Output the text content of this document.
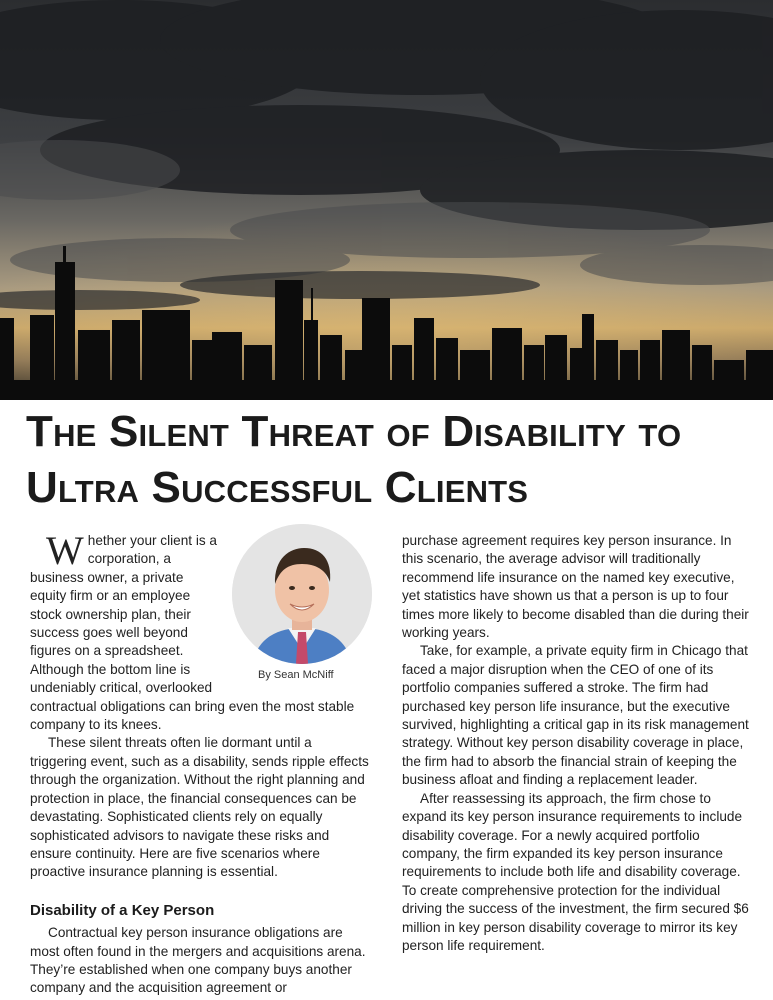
The Silent Threat of Disability to
Ultra Successful Clients
By Sean McNiff

Whether your client is a corporation, a business owner, a private equity firm or an employee stock ownership plan, their success goes well beyond figures on a spreadsheet. Although the bottom line is undeniably critical, overlooked contractual obligations can bring even the most stable company to its knees.

These silent threats often lie dormant until a triggering event, such as a disability, sends ripple effects through the organization. Without the right planning and protection in place, the financial consequences can be devastating. Sophisticated clients rely on equally sophisticated advisors to navigate these risks and ensure continuity. Here are five scenarios where proactive insurance planning is essential.

Disability of a Key Person

Contractual key person insurance obligations are most often found in the mergers and acquisitions arena. They’re established when one company buys another company and the acquisition agreement or

purchase agreement requires key person insurance. In this scenario, the average advisor will traditionally recommend life insurance on the named key executive, yet statistics have shown us that a person is up to four times more likely to become disabled than die during their working years.

Take, for example, a private equity firm in Chicago that faced a major disruption when the CEO of one of its portfolio companies suffered a stroke. The firm had purchased key person life insurance, but the executive survived, highlighting a critical gap in its risk management strategy. Without key person disability coverage in place, the firm had to absorb the financial strain of keeping the business afloat and finding a replacement leader.

After reassessing its approach, the firm chose to expand its key person insurance requirements to include disability coverage. For a newly acquired portfolio company, the firm expanded its key person insurance requirements to include both life and disability coverage. To create comprehensive protection for the individual driving the success of the investment, the firm secured $6 million in key person disability coverage to mirror its key person life requirement.
